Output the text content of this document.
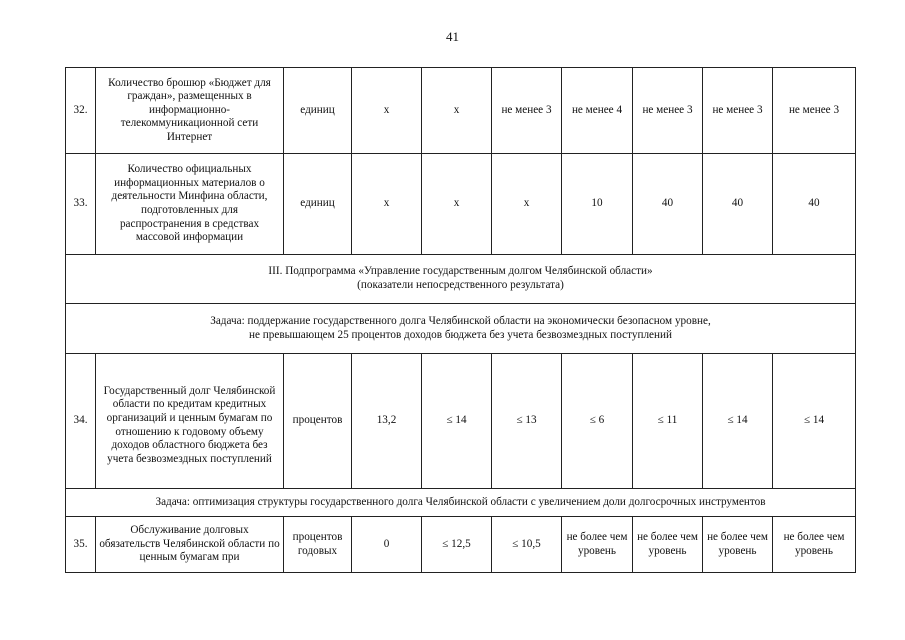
41
32.	Количество брошюр «Бюджет для граждан», размещенных в информационно-телекоммуникационной сети Интернет	единиц	х	х	не менее 3	не менее 4	не менее 3	не менее 3	не менее 3
33.	Количество официальных информационных материалов о деятельности Минфина области, подготовленных для распространения в средствах массовой информации	единиц	х	х	х	10	40	40	40

III. Подпрограмма «Управление государственным долгом Челябинской области»
(показатели непосредственного результата)									

Задача: поддержание государственного долга Челябинской области на экономически безопасном уровне,
не превышающем 25 процентов доходов бюджета без учета безвозмездных поступлений									

34.	Государственный долг Челябинской области по кредитам кредитных организаций и ценным бумагам по отношению к годовому объему доходов областного бюджета без учета безвозмездных поступлений	процентов	13,2	≤ 14	≤ 13	≤ 6	≤ 11	≤ 14	≤ 14
Задача: оптимизация структуры государственного долга Челябинской области с увеличением доли долгосрочных инструментов									
35.	Обслуживание долговых обязательств Челябинской области по ценным бумагам при	процентов годовых	0	≤ 12,5	≤ 10,5	не более чем уровень	не более чем уровень	не более чем уровень	не более чем уровень
